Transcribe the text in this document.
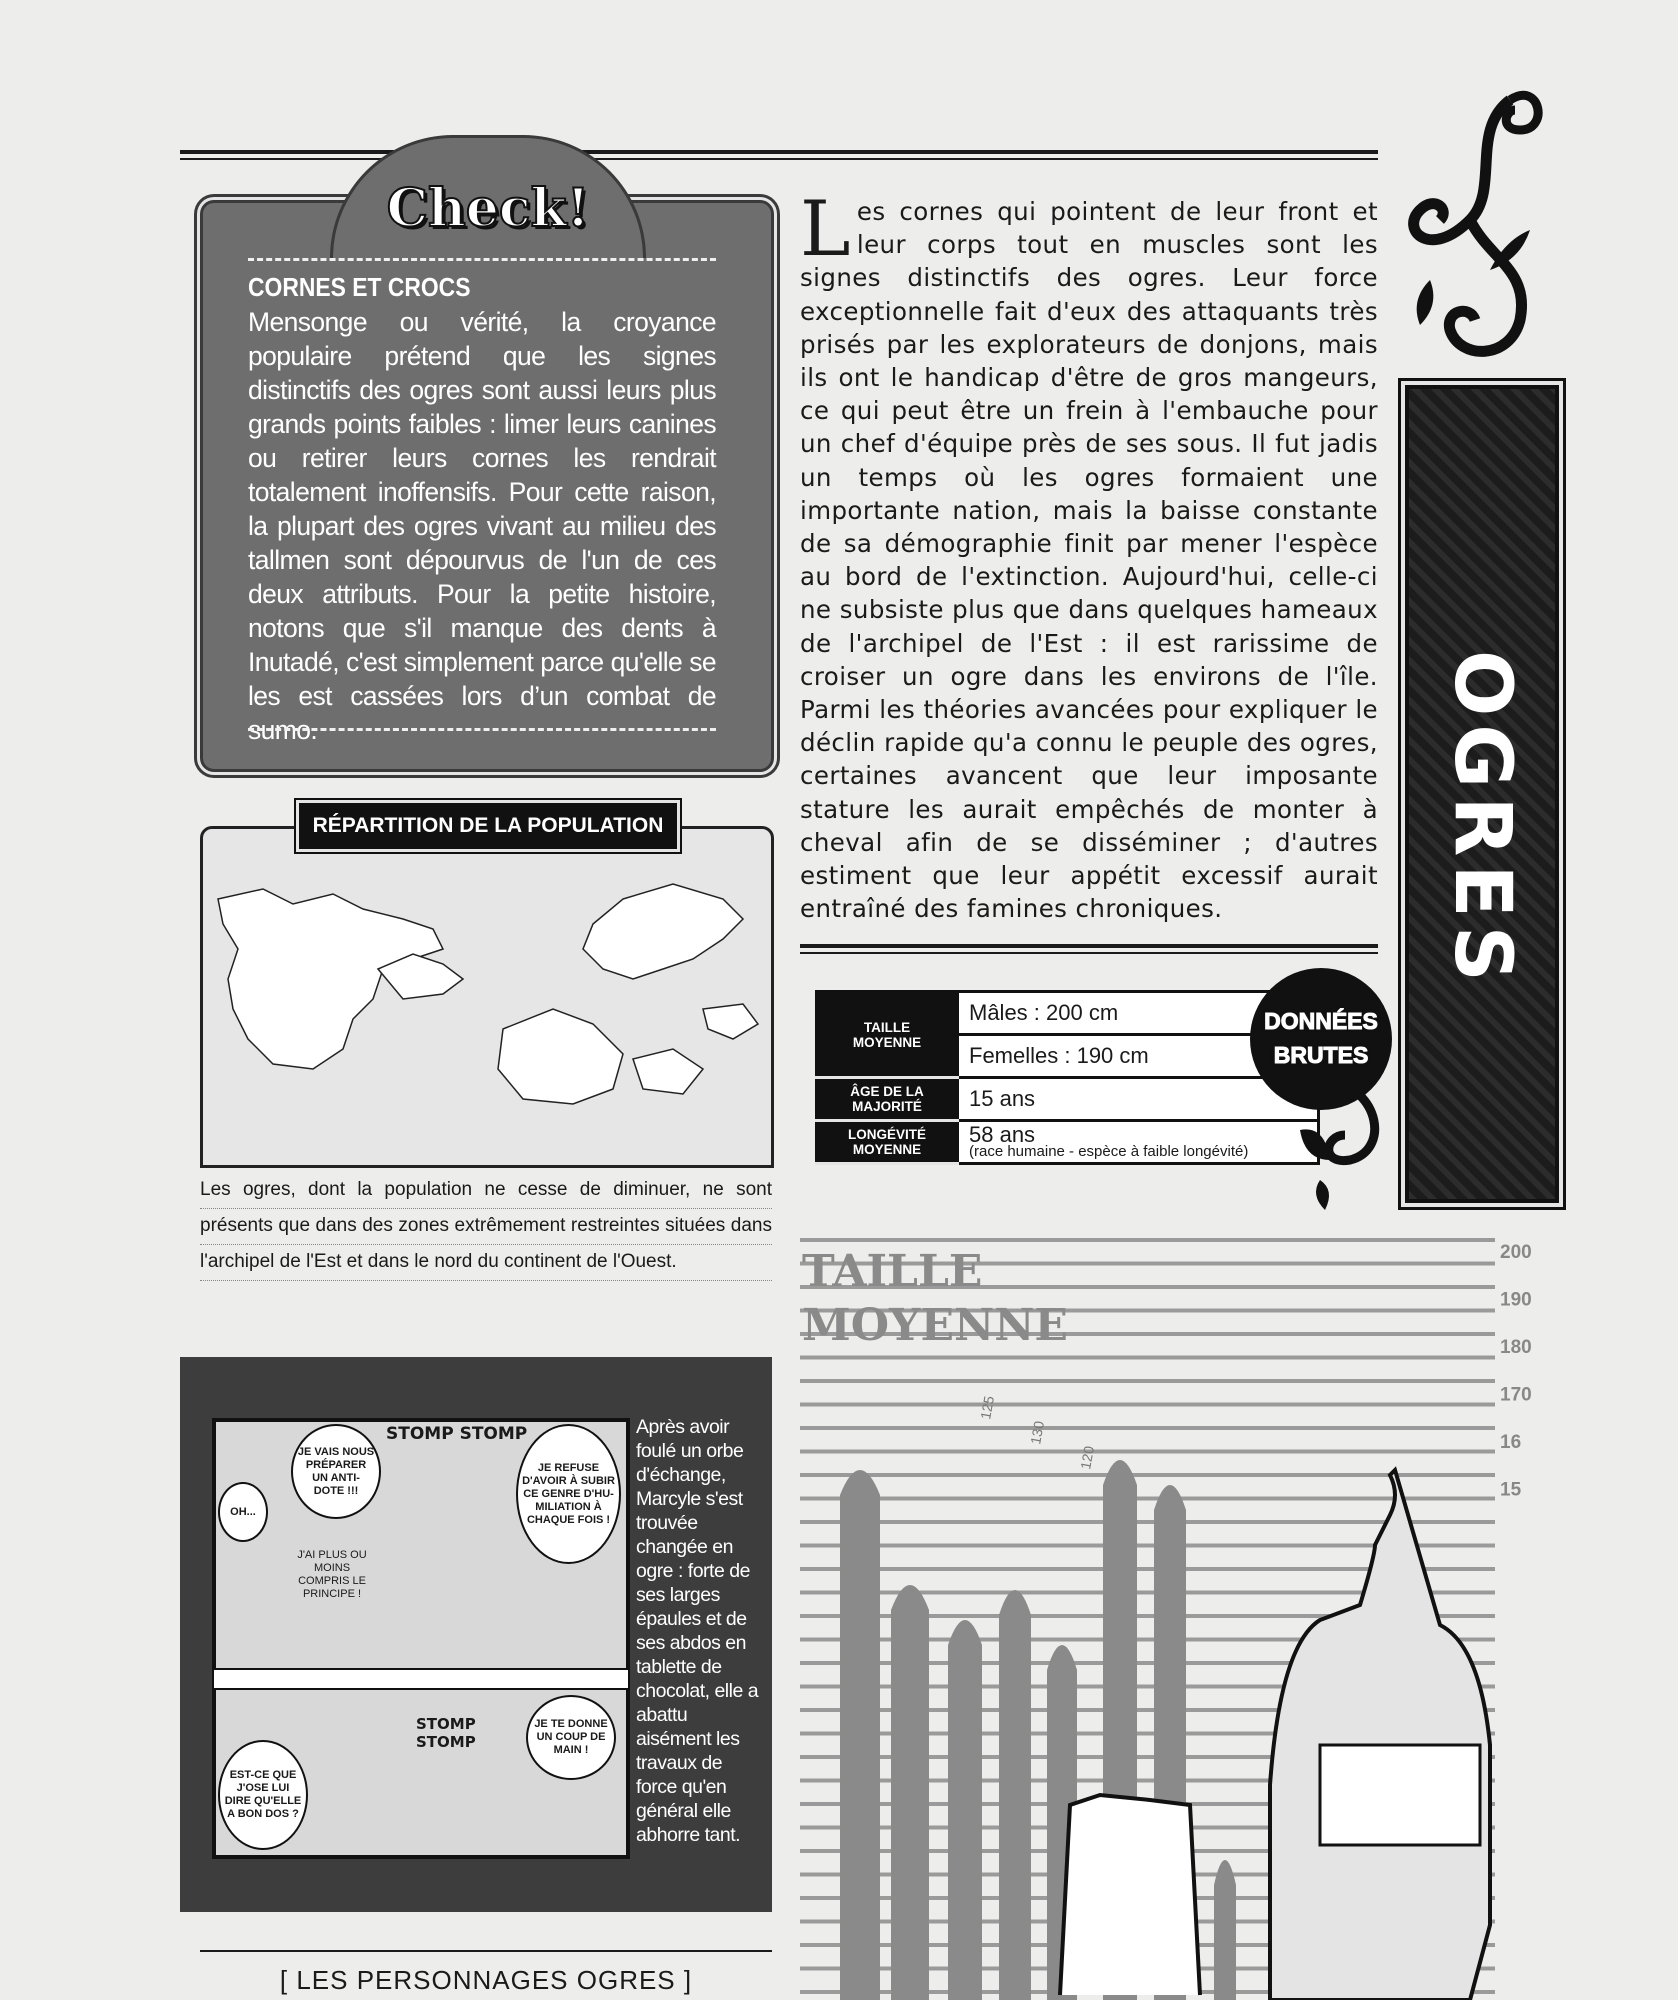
Check!
CORNES ET CROCS
Mensonge ou vérité, la croyance populaire prétend que les signes distinctifs des ogres sont aussi leurs plus grands points faibles : limer leurs canines ou retirer leurs cornes les rendrait totalement inoffensifs. Pour cette raison, la plupart des ogres vivant au milieu des tallmen sont dépourvus de l'un de ces deux attributs. Pour la petite histoire, notons que s'il manque des dents à Inutadé, c'est simplement parce qu'elle se les est cassées lors d’un combat de sumo.
Les cornes qui pointent de leur front et leur corps tout en muscles sont les signes distinctifs des ogres. Leur force exceptionnelle fait d'eux des attaquants très prisés par les explorateurs de donjons, mais ils ont le handicap d'être de gros mangeurs, ce qui peut être un frein à l'embauche pour un chef d'équipe près de ses sous. Il fut jadis un temps où les ogres formaient une importante nation, mais la baisse constante de sa démographie finit par mener l'espèce au bord de l'extinction. Aujourd'hui, celle-ci ne subsiste plus que dans quelques hameaux de l'archipel de l'Est : il est rarissime de croiser un ogre dans les environs de l'île. Parmi les théories avancées pour expliquer le déclin rapide qu'a connu le peuple des ogres, certaines avancent que leur imposante stature les aurait empêchés de monter à cheval afin de se disséminer ; d'autres estiment que leur appétit excessif aurait entraîné des famines chroniques.	OGRES
RÉPARTITION DE LA POPULATION
Les ogres, dont la population ne cesse de diminuer, ne sont présents que dans des zones extrêmement restreintes situées dans l'archipel de l'Est et dans le nord du continent de l'Ouest.
TAILLE MOYENNE	Mâles : 200 cm
	Femelles : 190 cm
ÂGE DE LA MAJORITÉ	15 ans
LONGÉVITÉ MOYENNE	58 ans
(race humaine - espèce à faible longévité)
DONNÉES
BRUTES
200
190
180
170
16
15
125
130
120
TAILLE
MOYENNE
JE VAIS NOUS PRÉPARER UN ANTI-DOTE !!!
OH...
J'AI PLUS OU MOINS COMPRIS LE PRINCIPE !
JE REFUSE D'AVOIR À SUBIR CE GENRE D'HU-MILIATION À CHAQUE FOIS !
STOMP STOMP
EST-CE QUE J'OSE LUI DIRE QU'ELLE A BON DOS ?
JE TE DONNE UN COUP DE MAIN !
STOMP STOMP
Après avoir foulé un orbe d'échange, Marcyle s'est trouvée changée en ogre : forte de ses larges épaules et de ses abdos en tablette de chocolat, elle a abattu aisément les travaux de force qu'en général elle abhorre tant.
[ LES PERSONNAGES OGRES ]
